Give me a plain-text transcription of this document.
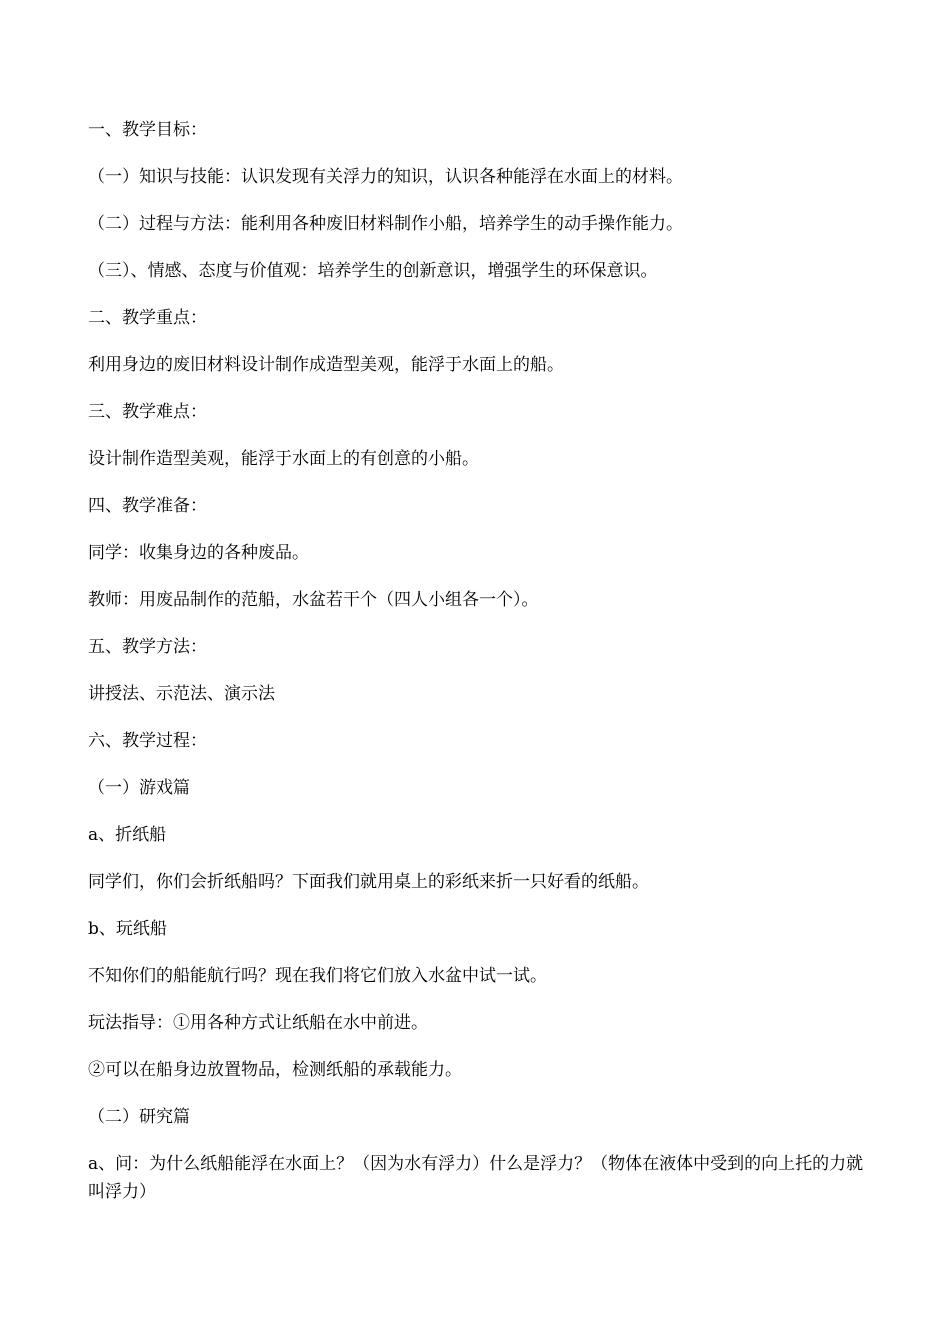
一、教学目标：

（一）知识与技能：认识发现有关浮力的知识，认识各种能浮在水面上的材料。

（二）过程与方法：能利用各种废旧材料制作小船，培养学生的动手操作能力。

（三）、情感、态度与价值观：培养学生的创新意识，增强学生的环保意识。

二、教学重点：

利用身边的废旧材料设计制作成造型美观，能浮于水面上的船。

三、教学难点：

设计制作造型美观，能浮于水面上的有创意的小船。

四、教学准备：

同学：收集身边的各种废品。

教师：用废品制作的范船，水盆若干个（四人小组各一个）。

五、教学方法：

讲授法、示范法、演示法

六、教学过程：

（一）游戏篇

a、折纸船

同学们，你们会折纸船吗？下面我们就用桌上的彩纸来折一只好看的纸船。

b、玩纸船

不知你们的船能航行吗？现在我们将它们放入水盆中试一试。

玩法指导：①用各种方式让纸船在水中前进。

②可以在船身边放置物品，检测纸船的承载能力。

（二）研究篇

a、问：为什么纸船能浮在水面上？（因为水有浮力）什么是浮力？（物体在液体中受到的向上托的力就叫浮力）
